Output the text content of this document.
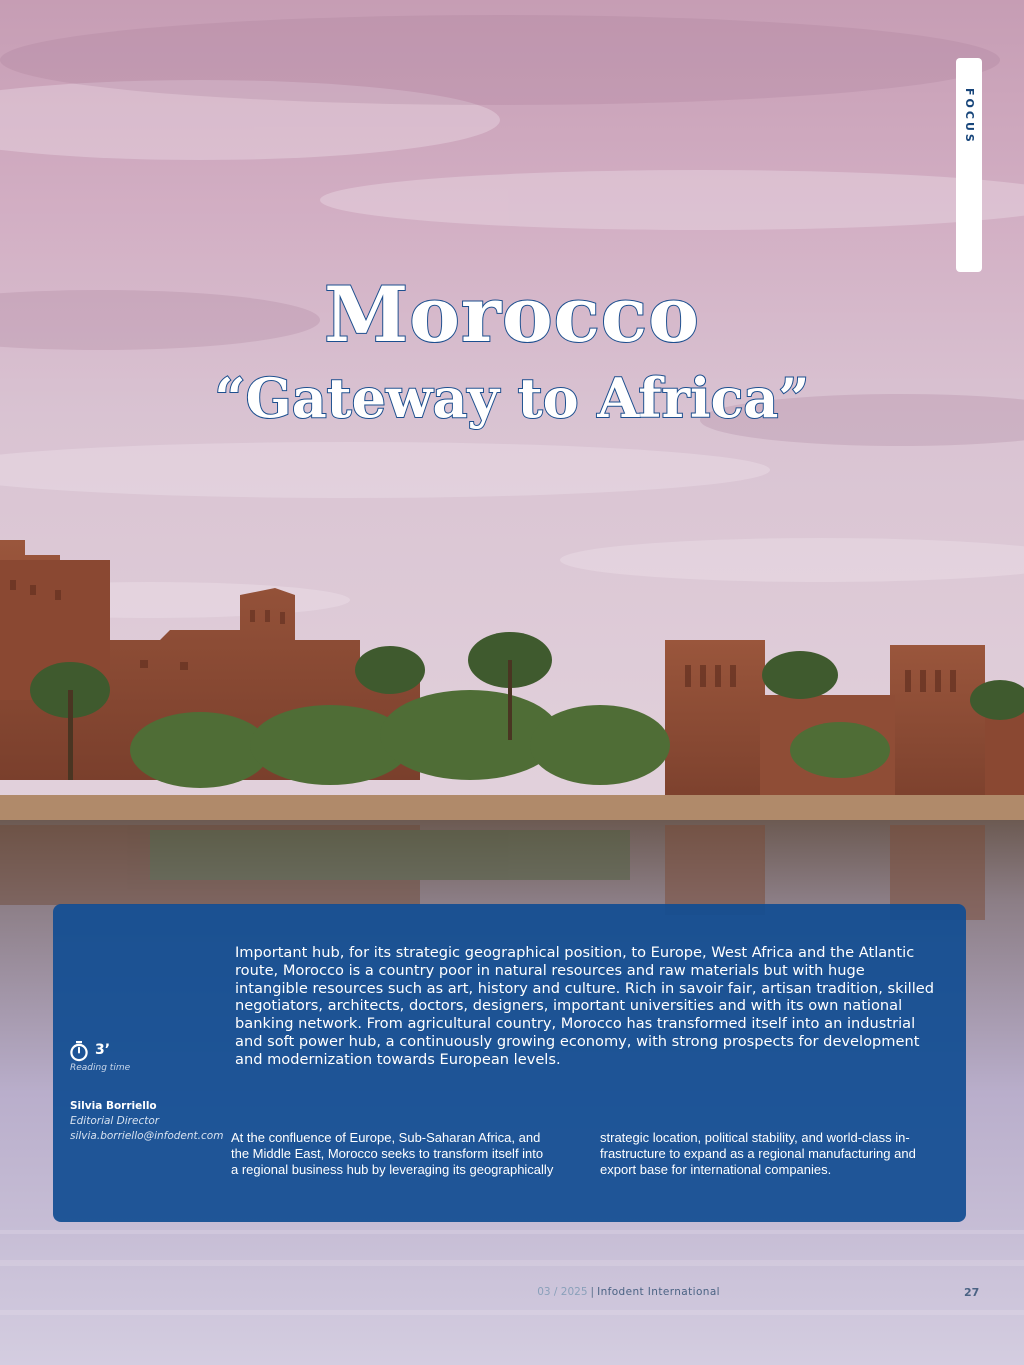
FOCUS
Morocco
“Gateway to Africa”
Important hub, for its strategic geographical position, to Europe, West Africa and the Atlantic route, Morocco is a country poor in natural resources and raw materials but with huge intangible resources such as art, history and culture. Rich in savoir fair, artisan tradition, skilled negotiators, architects, doctors, designers, important universities and with its own national banking network. From agricultural country, Morocco has transformed itself into an industrial and soft power hub, a continuously growing economy, with strong prospects for development and modernization towards European levels.
3’
Reading time
Silvia Borriello
Editorial Director
silvia.borriello@infodent.com At the confluence of Europe, Sub-Saharan Africa, and
the Middle East, Morocco seeks to transform itself into
a regional business hub by leveraging its geographically
strategic location, political stability, and world-class in-
frastructure to expand as a regional manufacturing and
export base for international companies.
03 / 2025 | Infodent International	27
